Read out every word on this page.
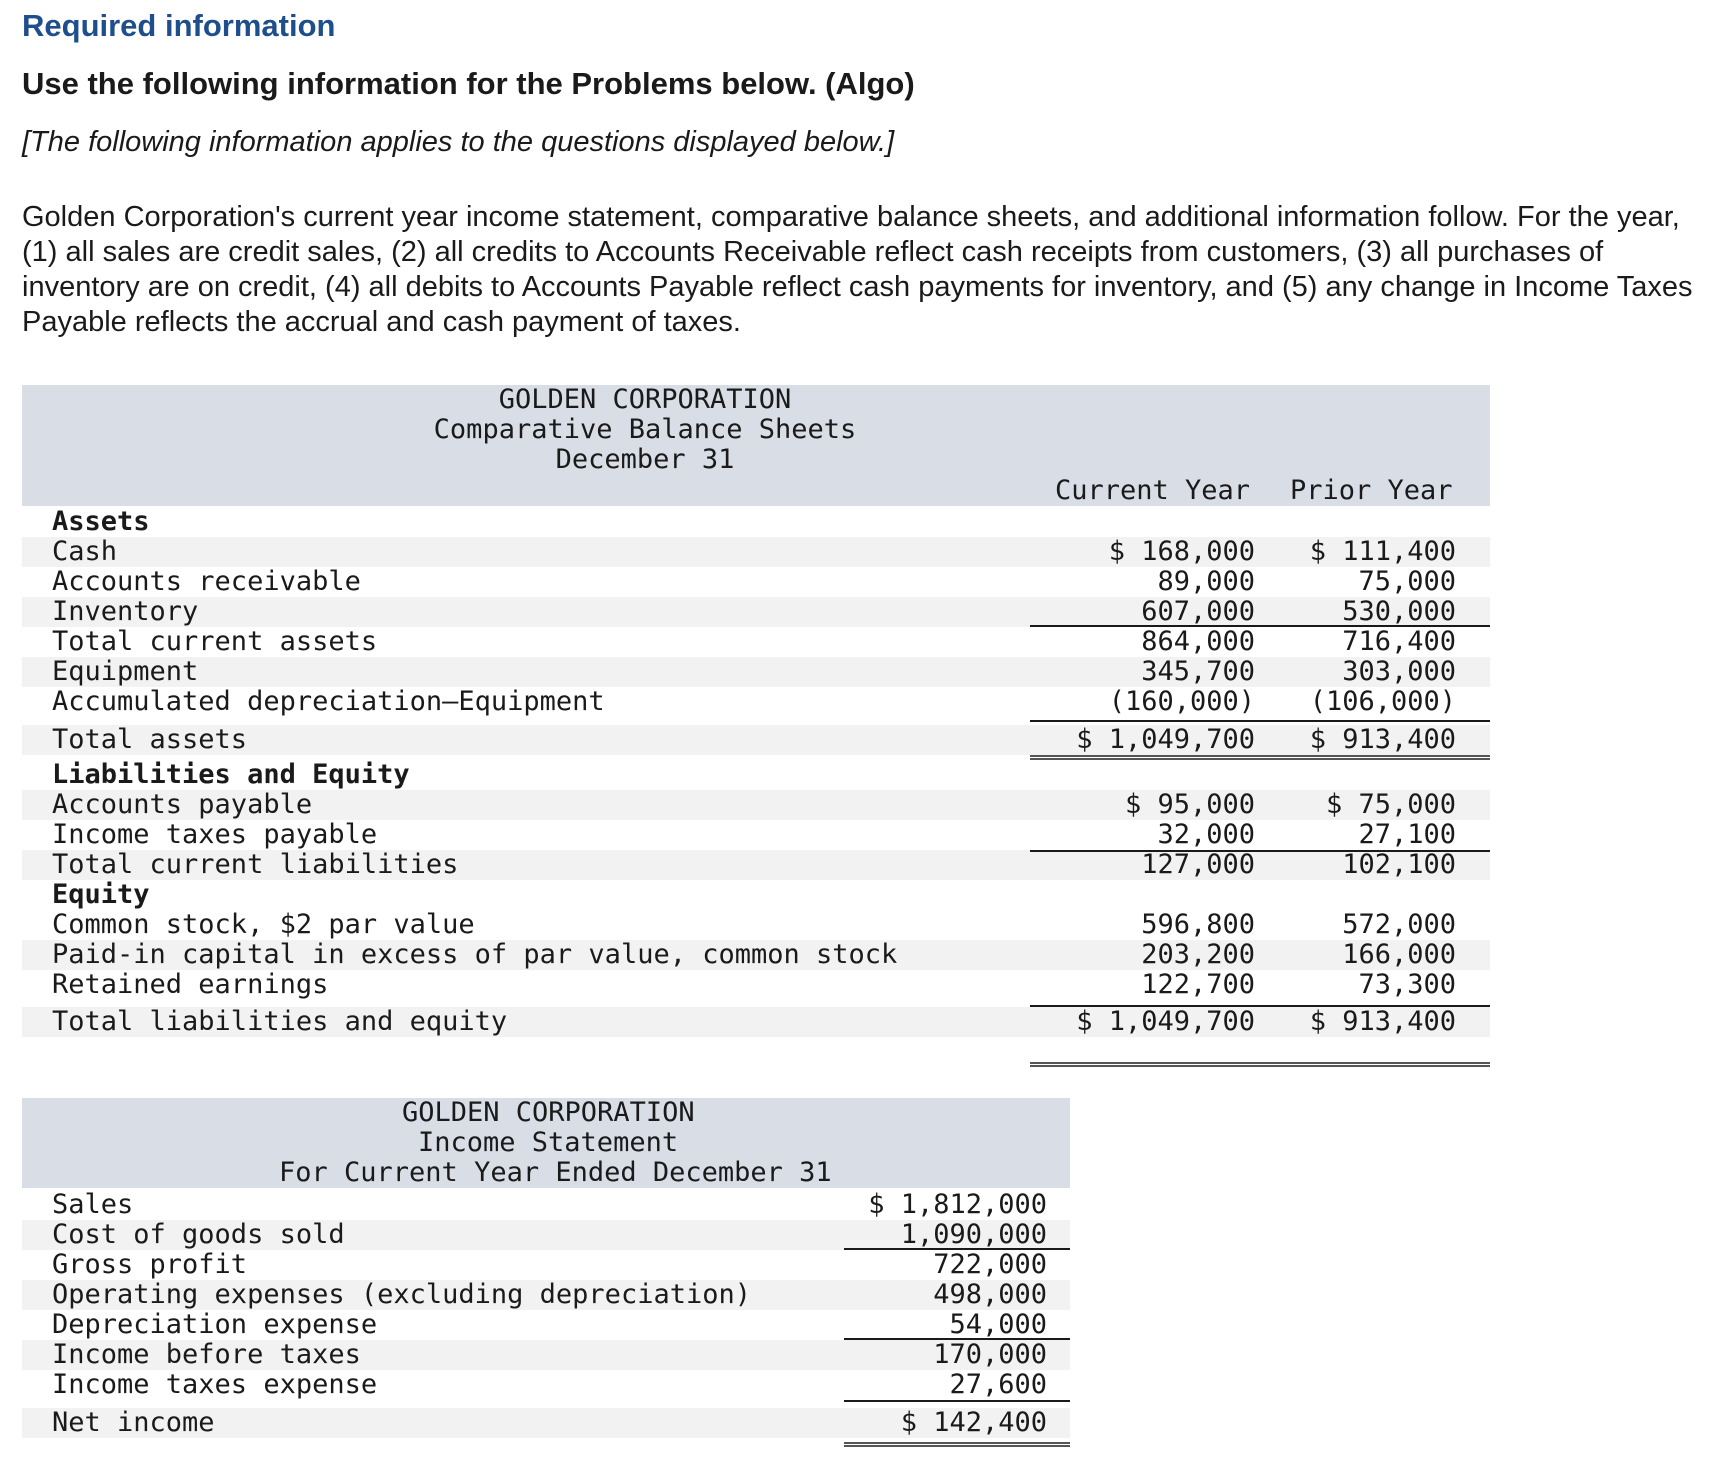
Required information
Use the following information for the Problems below. (Algo)
[The following information applies to the questions displayed below.]
Golden Corporation's current year income statement, comparative balance sheets, and additional information follow. For the year, (1) all sales are credit sales, (2) all credits to Accounts Receivable reflect cash receipts from customers, (3) all purchases of inventory are on credit, (4) all debits to Accounts Payable reflect cash payments for inventory, and (5) any change in Income Taxes Payable reflects the accrual and cash payment of taxes.
GOLDEN CORPORATION
Comparative Balance Sheets
December 31
Current Year Prior Year
Assets
Cash	$ 168,000 $ 111,400
Accounts receivable	89,000	75,000
Inventory	607,000	530,000
Total current assets	864,000	716,400
Equipment	345,700	303,000
Accumulated depreciation—Equipment	(160,000) (106,000)
Total assets	$ 1,049,700 $ 913,400
Liabilities and Equity
Accounts payable	$ 95,000	$ 75,000
Income taxes payable	32,000	27,100
Total current liabilities	127,000	102,100
Equity
Common stock, $2 par value	596,800	572,000
Paid-in capital in excess of par value, common stock	203,200	166,000
Retained earnings	122,700	73,300
Total liabilities and equity	$ 1,049,700 $ 913,400
GOLDEN CORPORATION
Income Statement
For Current Year Ended December 31
Sales	$ 1,812,000
Cost of goods sold	1,090,000
Gross profit	722,000
Operating expenses (excluding depreciation)	498,000
Depreciation expense	54,000
Income before taxes	170,000
Income taxes expense	27,600
Net income	$ 142,400
